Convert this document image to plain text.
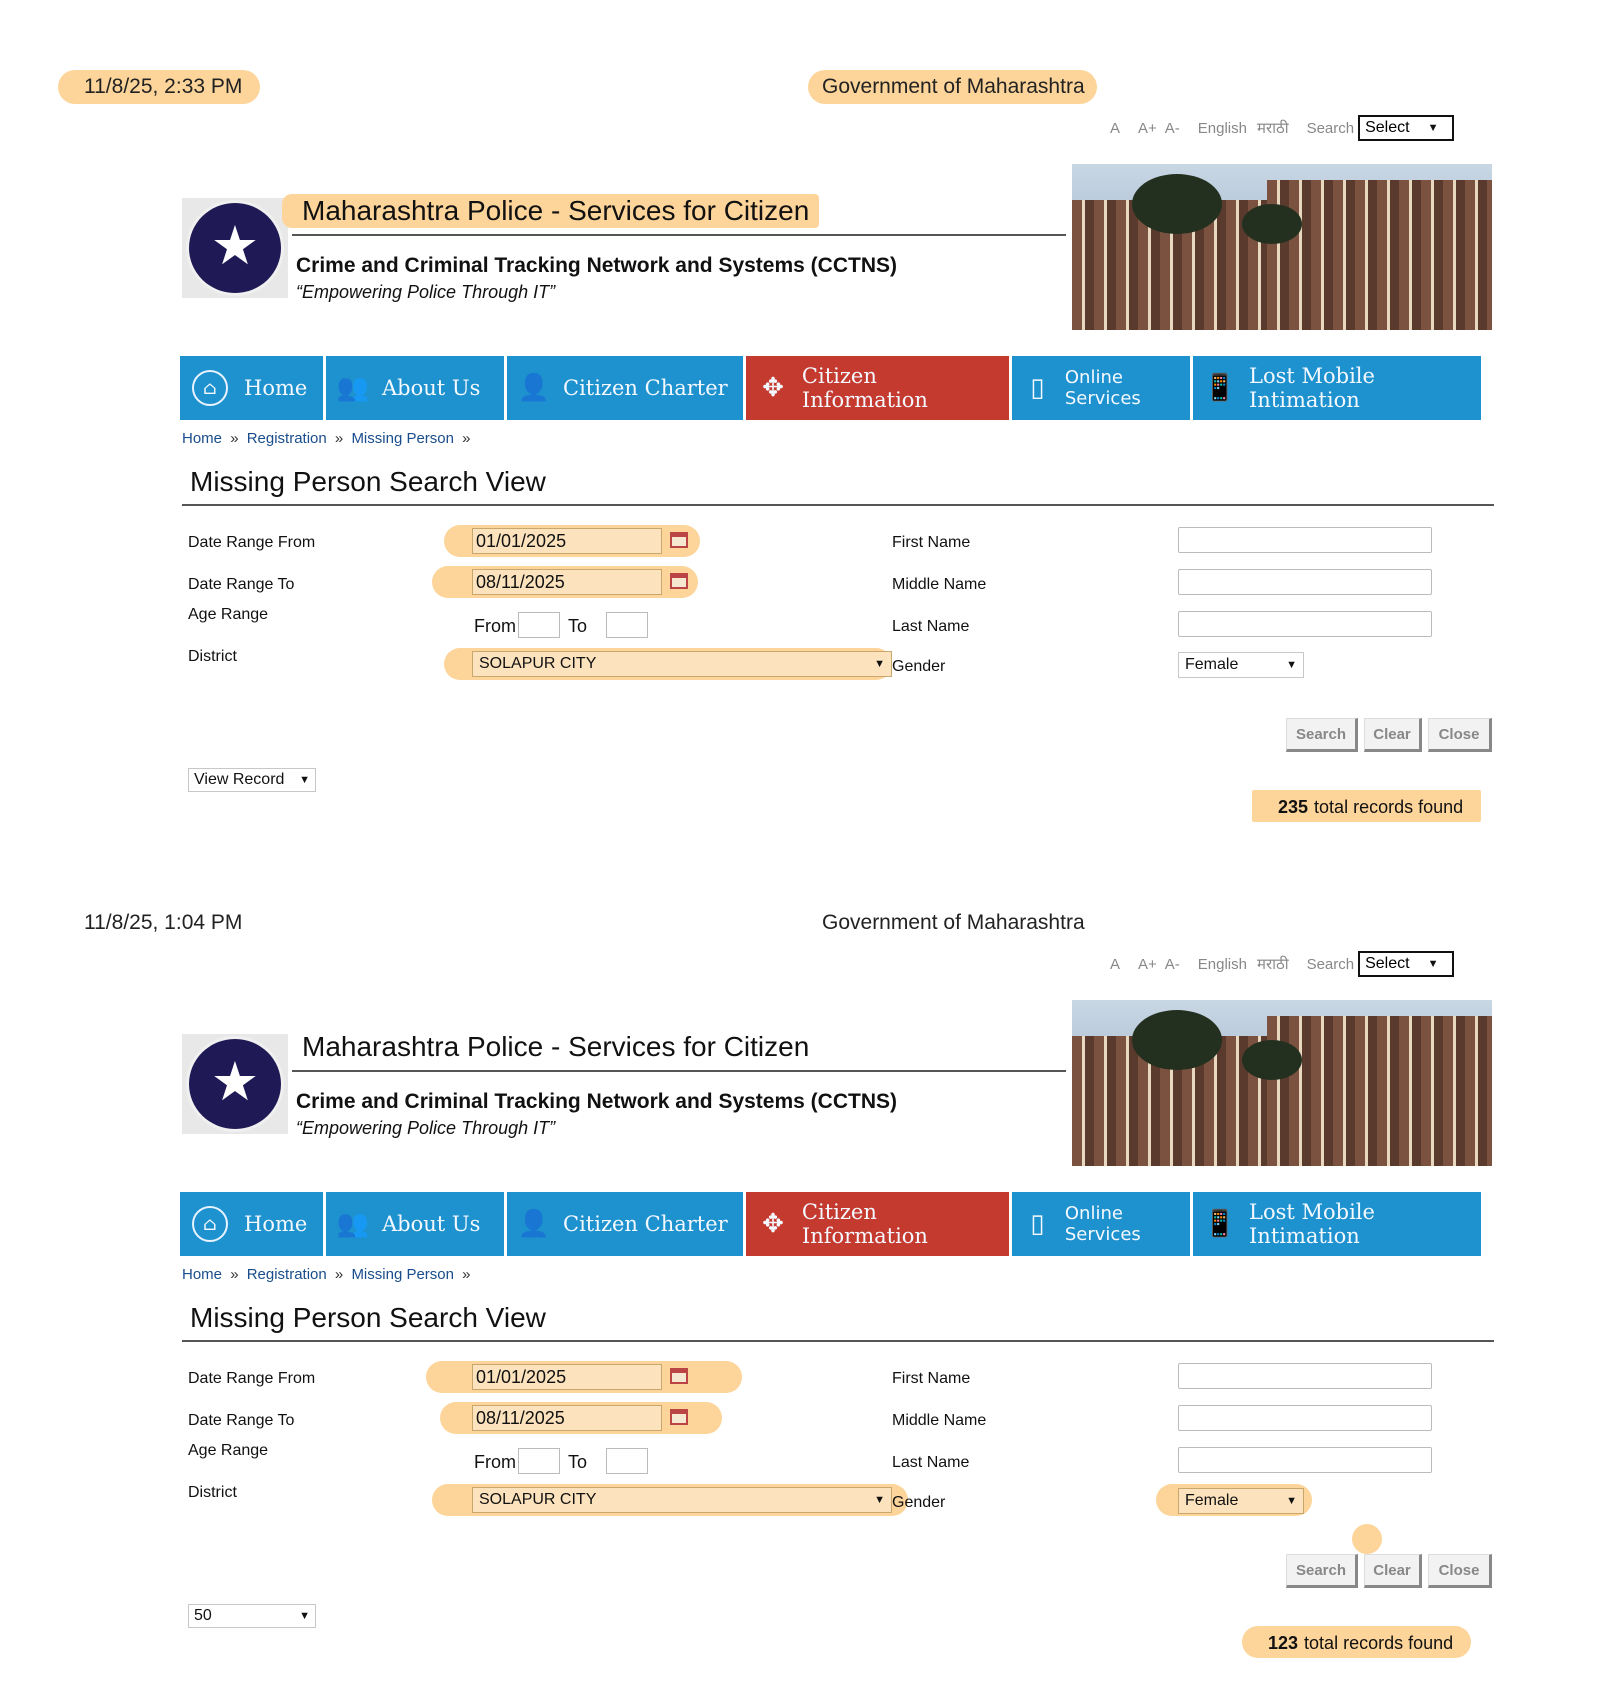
11/8/25, 2:33 PM	Government of Maharashtra
A A+ A- English मराठी Search Select ▼
★
Maharashtra Police - Services for Citizen
Crime and Criminal Tracking Network and Systems (CCTNS)
“Empowering Police Through IT”
⌂	Home 👥 About Us 👤 Citizen Charter ✥ Citizen Information	▯	Online Services	📱 Lost Mobile Intimation
Home » Registration » Missing Person »
Missing Person Search View
Date Range From	01/01/2025
Date Range To	08/11/2025
Age Range
From	To
District	SOLAPUR CITY	▼
First Name
Middle Name
Last Name
Gender	Female	▼
Search	Clear	Close
View Record ▼
235 total records found
11/8/25, 1:04 PM	Government of Maharashtra
A A+ A- English मराठी Search Select ▼
★
Maharashtra Police - Services for Citizen
Crime and Criminal Tracking Network and Systems (CCTNS)
“Empowering Police Through IT”
⌂	Home 👥 About Us 👤 Citizen Charter ✥ Citizen Information	▯	Online Services	📱 Lost Mobile Intimation
Home » Registration » Missing Person »
Missing Person Search View
Date Range From	01/01/2025
Date Range To	08/11/2025
Age Range
From	To
District	SOLAPUR CITY	▼
First Name
Middle Name
Last Name
Gender	Female	▼
Search	Clear	Close
50	▼
123 total records found
